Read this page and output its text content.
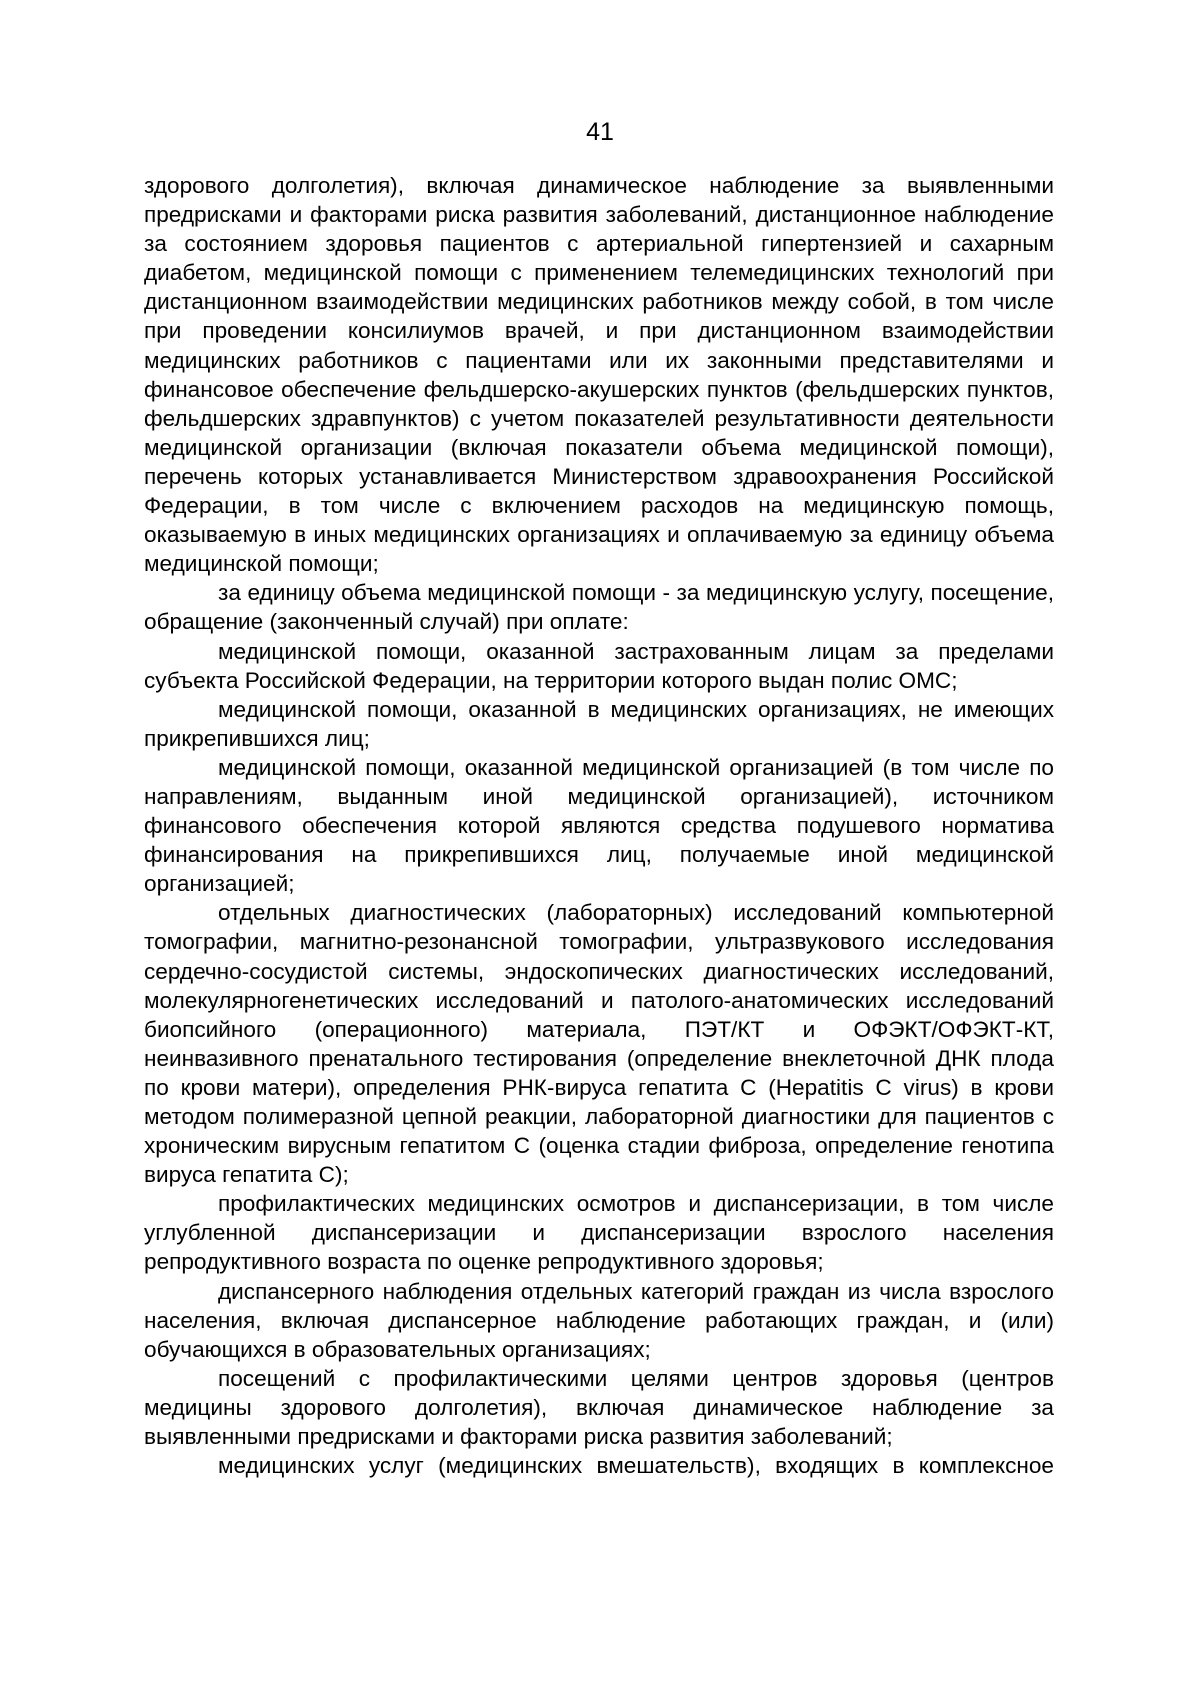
41

здорового долголетия), включая динамическое наблюдение за выявленными предрисками и факторами риска развития заболеваний, дистанционное наблюдение за состоянием здоровья пациентов с артериальной гипертензией и сахарным диабетом, медицинской помощи с применением телемедицинских технологий при дистанционном взаимодействии медицинских работников между собой, в том числе при проведении консилиумов врачей, и при дистанционном взаимодействии медицинских работников с пациентами или их законными представителями и финансовое обеспечение фельдшерско-акушерских пунктов (фельдшерских пунктов, фельдшерских здравпунктов) с учетом показателей результативности деятельности медицинской организации (включая показатели объема медицинской помощи), перечень которых устанавливается Министерством здравоохранения Российской Федерации, в том числе с включением расходов на медицинскую помощь, оказываемую в иных медицинских организациях и оплачиваемую за единицу объема медицинской помощи;

за единицу объема медицинской помощи - за медицинскую услугу, посещение, обращение (законченный случай) при оплате:

медицинской помощи, оказанной застрахованным лицам за пределами субъекта Российской Федерации, на территории которого выдан полис ОМС;

медицинской помощи, оказанной в медицинских организациях, не имеющих прикрепившихся лиц;

медицинской помощи, оказанной медицинской организацией (в том числе по направлениям, выданным иной медицинской организацией), источником финансового обеспечения которой являются средства подушевого норматива финансирования на прикрепившихся лиц, получаемые иной медицинской организацией;

отдельных диагностических (лабораторных) исследований компьютерной томографии, магнитно-резонансной томографии, ультразвукового исследования сердечно-сосудистой системы, эндоскопических диагностических исследований, молекулярногенетических исследований и патолого-анатомических исследований биопсийного (операционного) материала, ПЭТ/КТ и ОФЭКТ/ОФЭКТ-КТ, неинвазивного пренатального тестирования (определение внеклеточной ДНК плода по крови матери), определения РНК-вируса гепатита С (Hepatitis C virus) в крови методом полимеразной цепной реакции, лабораторной диагностики для пациентов с хроническим вирусным гепатитом С (оценка стадии фиброза, определение генотипа вируса гепатита С);

профилактических медицинских осмотров и диспансеризации, в том числе углубленной диспансеризации и диспансеризации взрослого населения репродуктивного возраста по оценке репродуктивного здоровья;

диспансерного наблюдения отдельных категорий граждан из числа взрослого населения, включая диспансерное наблюдение работающих граждан, и (или) обучающихся в образовательных организациях;

посещений с профилактическими целями центров здоровья (центров медицины здорового долголетия), включая динамическое наблюдение за выявленными предрисками и факторами риска развития заболеваний;

медицинских услуг (медицинских вмешательств), входящих в комплексное
